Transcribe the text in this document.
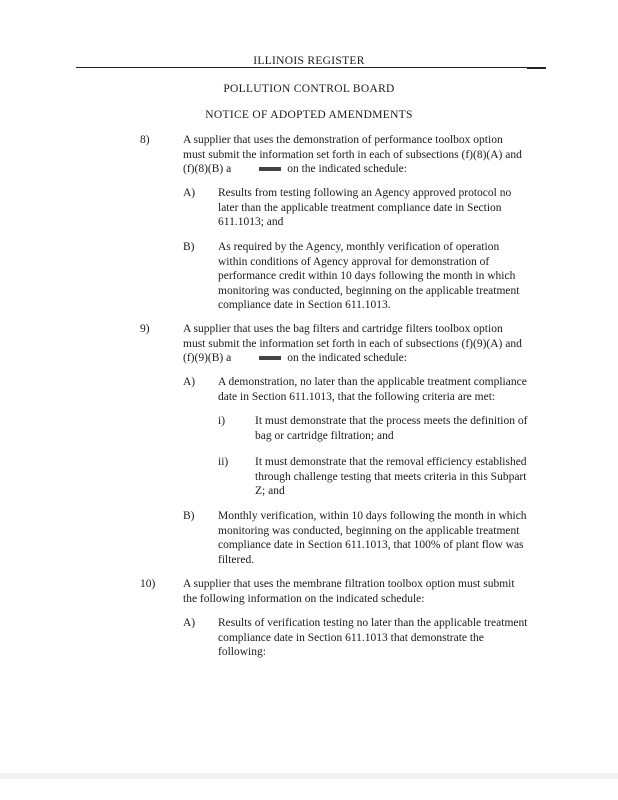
ILLINOIS REGISTER
POLLUTION CONTROL BOARD
NOTICE OF ADOPTED AMENDMENTS
8)	A supplier that uses the demonstration of performance toolbox option
must submit the information set forth in each of subsections (f)(8)(A) and
(f)(8)(B) a	on the indicated schedule:
A) Results from testing following an Agency approved protocol no
later than the applicable treatment compliance date in Section
611.1013; and
B) As required by the Agency, monthly verification of operation
within conditions of Agency approval for demonstration of
performance credit within 10 days following the month in which
monitoring was conducted, beginning on the applicable treatment
compliance date in Section 611.1013.
9)	A supplier that uses the bag filters and cartridge filters toolbox option
must submit the information set forth in each of subsections (f)(9)(A) and
(f)(9)(B) a	on the indicated schedule:
A) A demonstration, no later than the applicable treatment compliance
date in Section 611.1013, that the following criteria are met:
i)	It must demonstrate that the process meets the definition of
bag or cartridge filtration; and
ii) It must demonstrate that the removal efficiency established
through challenge testing that meets criteria in this Subpart
Z; and
B) Monthly verification, within 10 days following the month in which
monitoring was conducted, beginning on the applicable treatment
compliance date in Section 611.1013, that 100% of plant flow was
filtered.
10) A supplier that uses the membrane filtration toolbox option must submit
the following information on the indicated schedule:
A) Results of verification testing no later than the applicable treatment
compliance date in Section 611.1013 that demonstrate the
following:
